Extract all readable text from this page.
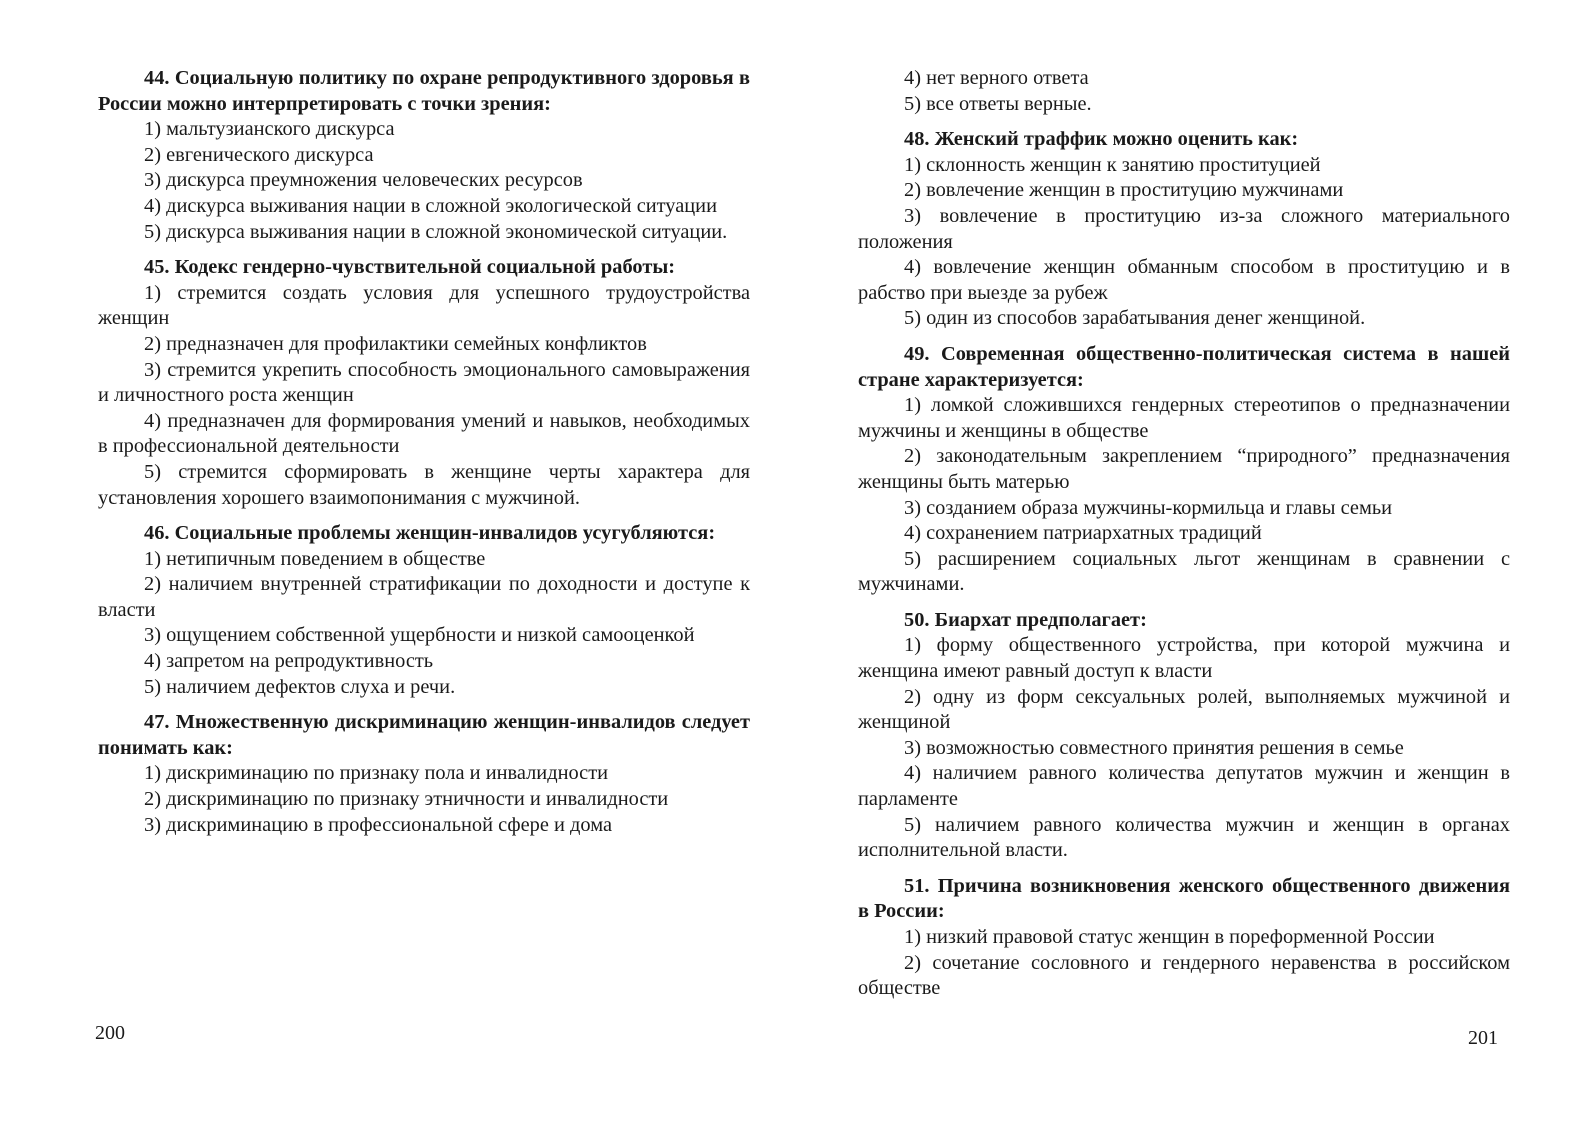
44. Социальную политику по охране репродуктивного здоровья в России можно интерпретировать с точки зрения:

1) мальтузианского дискурса

2) евгенического дискурса

3) дискурса преумножения человеческих ресурсов

4) дискурса выживания нации в сложной экологической ситуации

5) дискурса выживания нации в сложной экономической ситуации.

45. Кодекс гендерно-чувствительной социальной работы:

1) стремится создать условия для успешного трудоустройства женщин

2) предназначен для профилактики семейных конфликтов

3) стремится укрепить способность эмоционального самовыражения и личностного роста женщин

4) предназначен для формирования умений и навыков, необходимых в профессиональной деятельности

5) стремится сформировать в женщине черты характера для установления хорошего взаимопонимания с мужчиной.

46. Социальные проблемы женщин-инвалидов усугубляются:

1) нетипичным поведением в обществе

2) наличием внутренней стратификации по доходности и доступе к власти

3) ощущением собственной ущербности и низкой самооценкой

4) запретом на репродуктивность

5) наличием дефектов слуха и речи.

47. Множественную дискриминацию женщин-инвалидов следует понимать как:

1) дискриминацию по признаку пола и инвалидности

2) дискриминацию по признаку этничности и инвалидности

3) дискриминацию в профессиональной сфере и дома

200

4) нет верного ответа

5) все ответы верные.

48. Женский траффик можно оценить как:

1) склонность женщин к занятию проституцией

2) вовлечение женщин в проституцию мужчинами

3) вовлечение в проституцию из-за сложного материального положения

4) вовлечение женщин обманным способом в проституцию и в рабство при выезде за рубеж

5) один из способов зарабатывания денег женщиной.

49. Современная общественно-политическая система в нашей стране характеризуется:

1) ломкой сложившихся гендерных стереотипов о предназначении мужчины и женщины в обществе

2) законодательным закреплением “природного” предназначения женщины быть матерью

3) созданием образа мужчины-кормильца и главы семьи

4) сохранением патриархатных традиций

5) расширением социальных льгот женщинам в сравнении с мужчинами.

50. Биархат предполагает:

1) форму общественного устройства, при которой мужчина и женщина имеют равный доступ к власти

2) одну из форм сексуальных ролей, выполняемых мужчиной и женщиной

3) возможностью совместного принятия решения в семье

4) наличием равного количества депутатов мужчин и женщин в парламенте

5) наличием равного количества мужчин и женщин в органах исполнительной власти.

51. Причина возникновения женского общественного движения в России:

1) низкий правовой статус женщин в пореформенной России

2) сочетание сословного и гендерного неравенства в российском обществе

201
